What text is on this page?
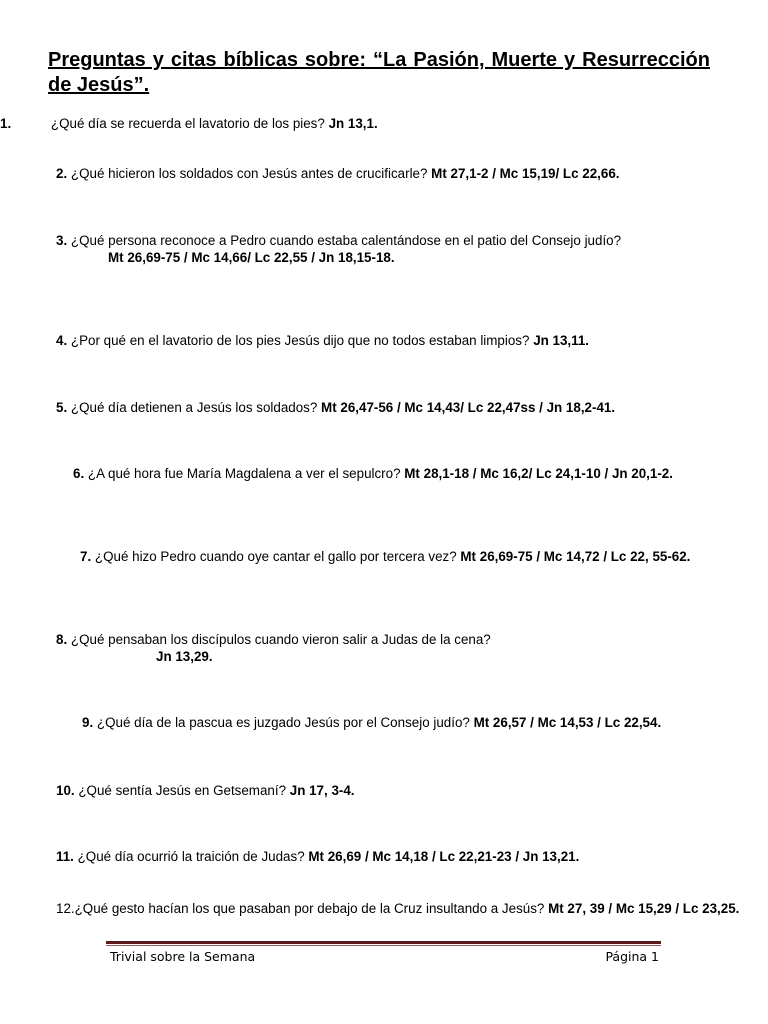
Preguntas y citas bíblicas sobre: “La Pasión, Muerte y Resurrección de Jesús”.

1.	¿Qué día se recuerda el lavatorio de los pies? Jn 13,1.

2. ¿Qué hicieron los soldados con Jesús antes de crucificarle? Mt 27,1-2 / Mc 15,19/ Lc 22,66.

3. ¿Qué persona reconoce a Pedro cuando estaba calentándose en el patio del Consejo judío?
Mt 26,69-75 / Mc 14,66/ Lc 22,55 / Jn 18,15-18.

4. ¿Por qué en el lavatorio de los pies Jesús dijo que no todos estaban limpios? Jn 13,11.

5. ¿Qué día detienen a Jesús los soldados? Mt 26,47-56 / Mc 14,43/ Lc 22,47ss / Jn 18,2-41.

6. ¿A qué hora fue María Magdalena a ver el sepulcro? Mt 28,1-18 / Mc 16,2/ Lc 24,1-10 / Jn 20,1-2.

7. ¿Qué hizo Pedro cuando oye cantar el gallo por tercera vez? Mt 26,69-75 / Mc 14,72 / Lc 22, 55-62.

8. ¿Qué pensaban los discípulos cuando vieron salir a Judas de la cena?
Jn 13,29.

9. ¿Qué día de la pascua es juzgado Jesús por el Consejo judío? Mt 26,57 / Mc 14,53 / Lc 22,54.

10. ¿Qué sentía Jesús en Getsemaní? Jn 17, 3-4.

11. ¿Qué día ocurrió la traición de Judas? Mt 26,69 / Mc 14,18 / Lc 22,21-23 / Jn 13,21.

12.¿Qué gesto hacían los que pasaban por debajo de la Cruz insultando a Jesús? Mt 27, 39 / Mc 15,29 / Lc 23,25.

Trivial sobre la Semana	Página 1
